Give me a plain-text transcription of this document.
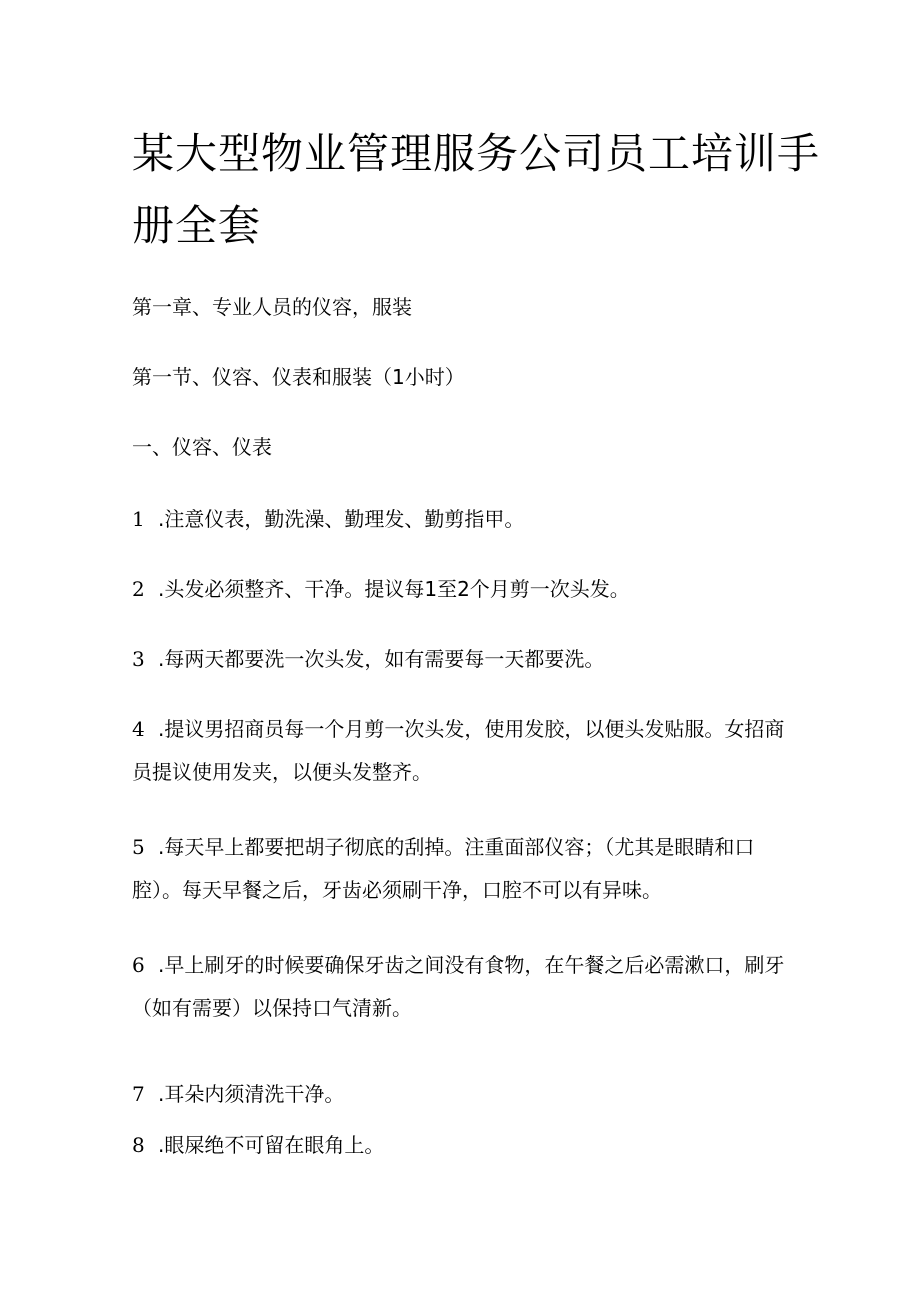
某大型物业管理服务公司员工培训手册全套

第一章、专业人员的仪容，服装

第一节、仪容、仪表和服装（1小时）

一、仪容、仪表

1 .注意仪表，勤洗澡、勤理发、勤剪指甲。

2 .头发必须整齐、干净。提议每1至2个月剪一次头发。

3 .每两天都要洗一次头发，如有需要每一天都要洗。

4 .提议男招商员每一个月剪一次头发，使用发胶，以便头发贴服。女招商员提议使用发夹，以便头发整齐。

5 .每天早上都要把胡子彻底的刮掉。注重面部仪容；（尤其是眼睛和口腔）。每天早餐之后，牙齿必须刷干净，口腔不可以有异味。

6 .早上刷牙的时候要确保牙齿之间没有食物，在午餐之后必需漱口，刷牙（如有需要）以保持口气清新。

7 .耳朵内须清洗干净。

8 .眼屎绝不可留在眼角上。
